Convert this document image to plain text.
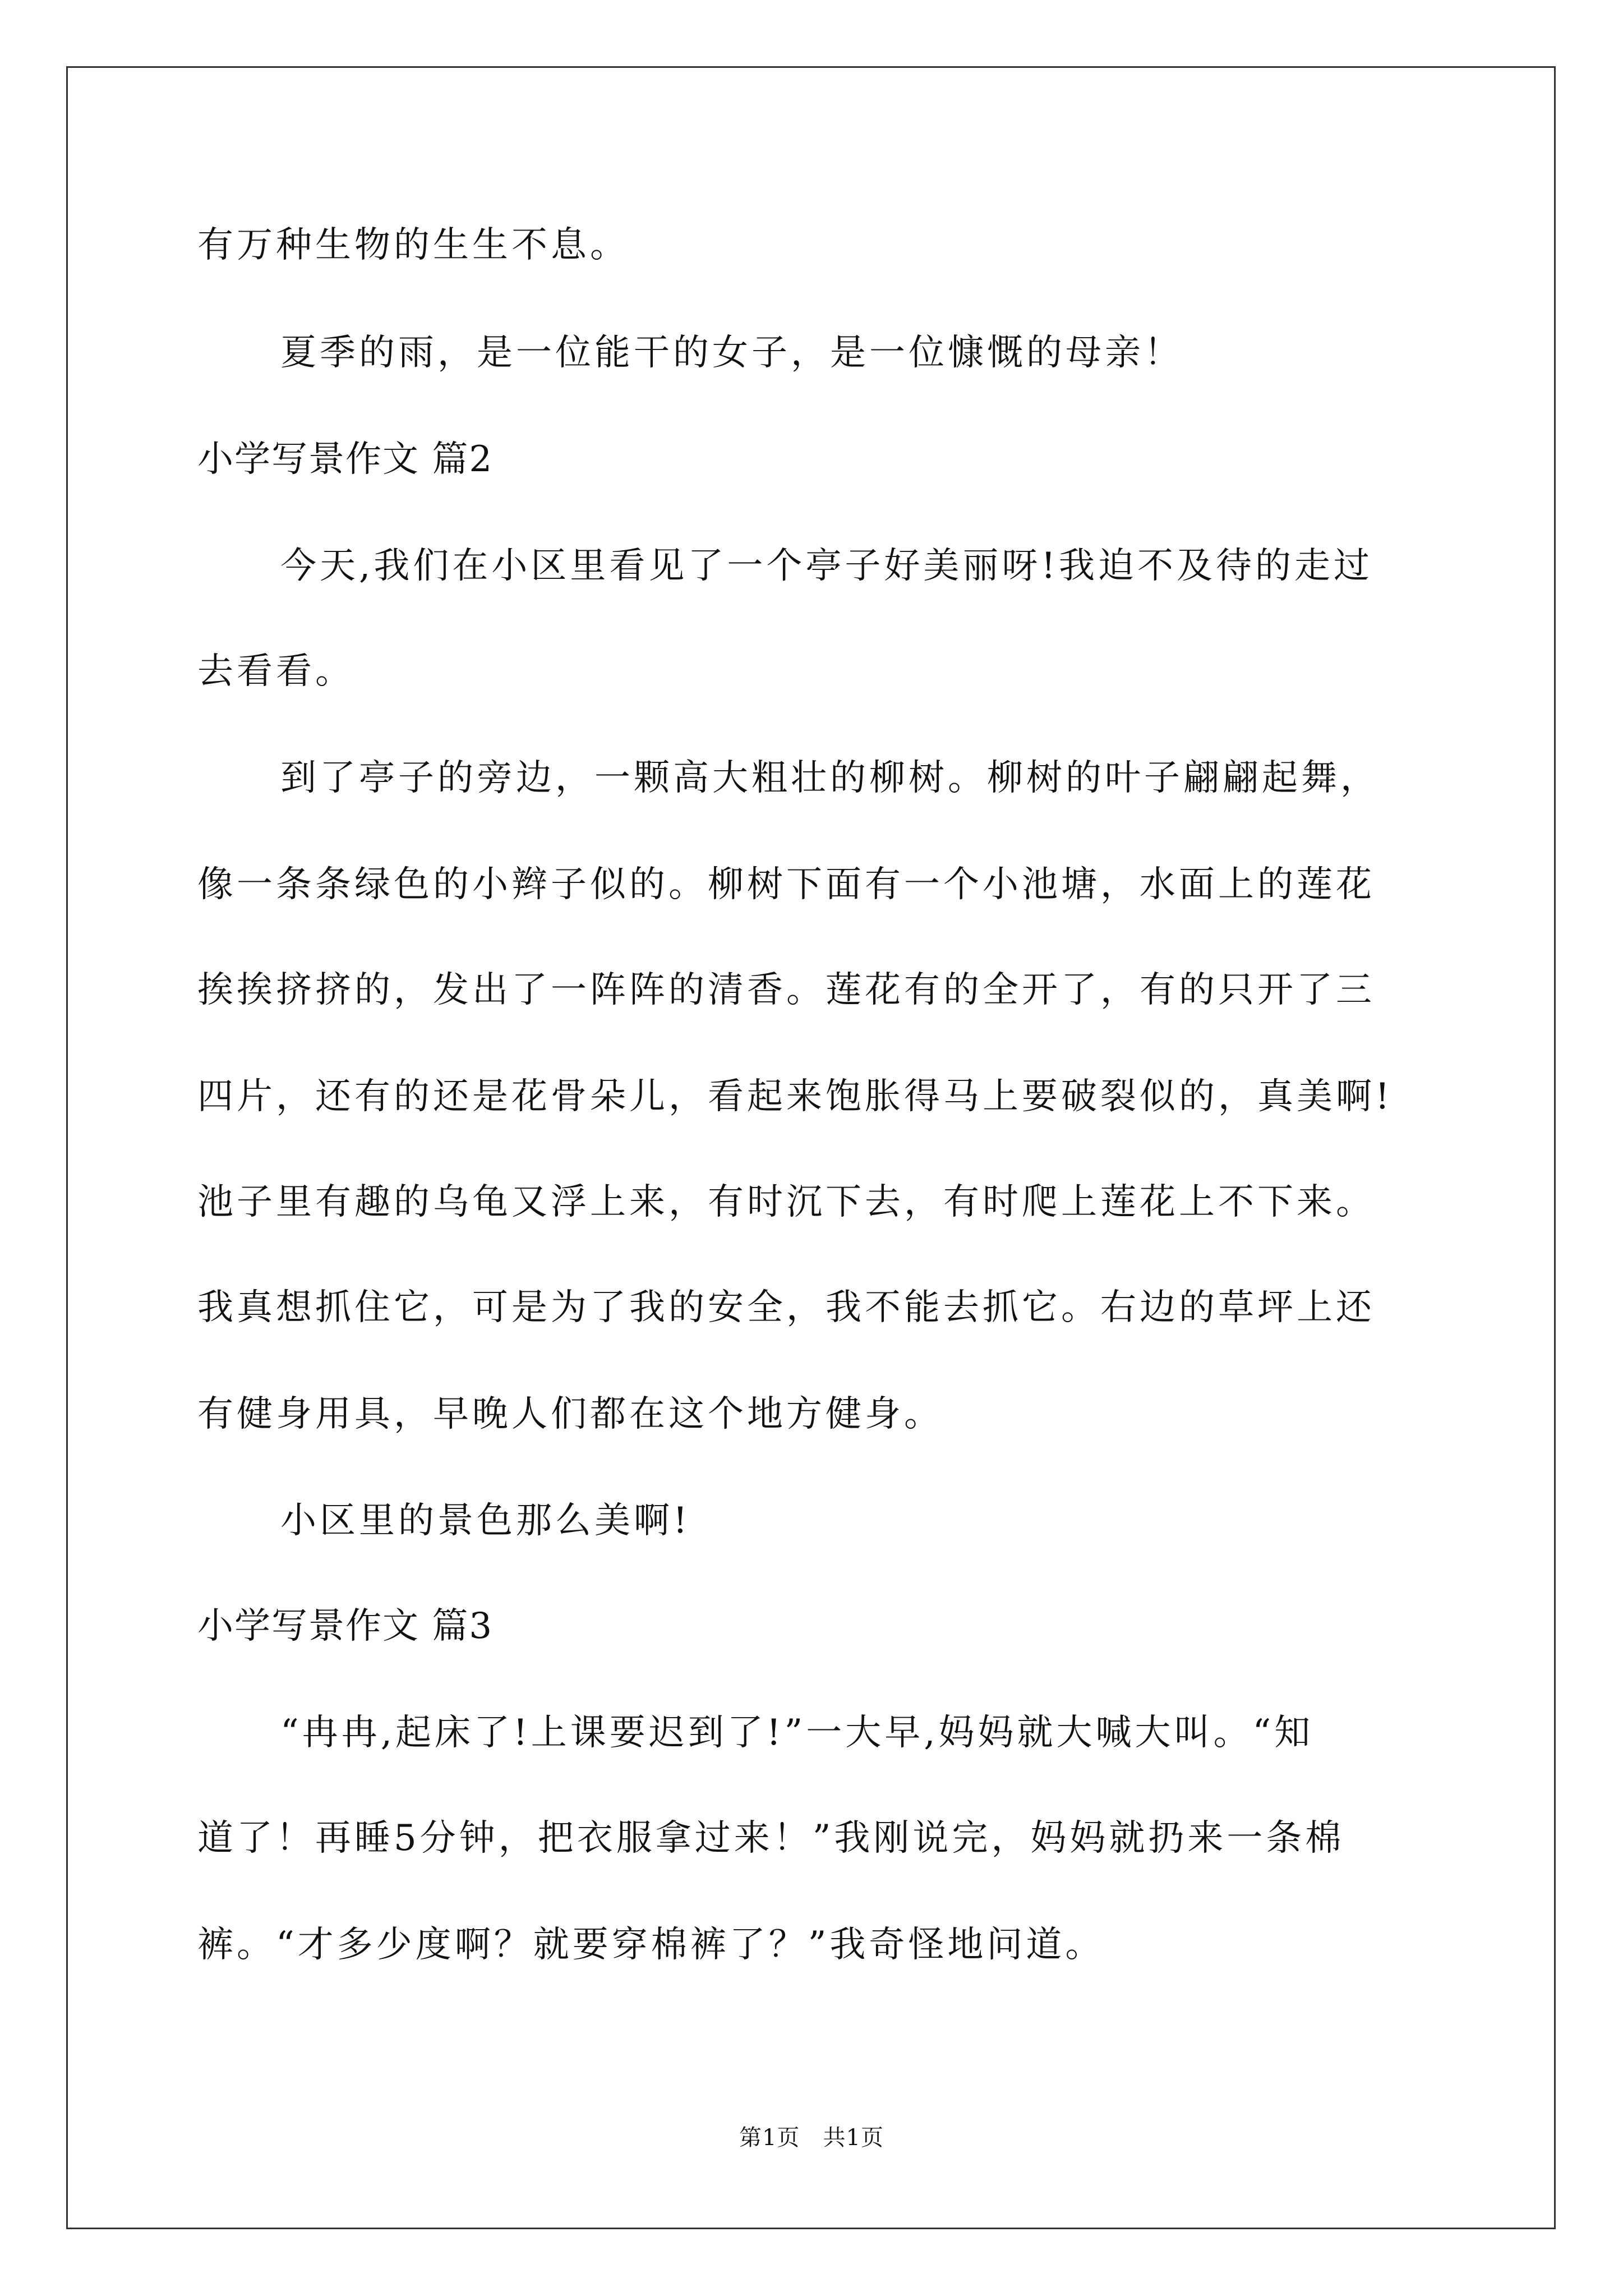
有万种生物的生生不息。

夏季的雨，是一位能干的女子，是一位慷慨的母亲！

小学写景作文 篇2

今天,我们在小区里看见了一个亭子好美丽呀!我迫不及待的走过

去看看。

到了亭子的旁边，一颗高大粗壮的柳树。柳树的叶子翩翩起舞，

像一条条绿色的小辫子似的。柳树下面有一个小池塘，水面上的莲花

挨挨挤挤的，发出了一阵阵的清香。莲花有的全开了，有的只开了三

四片，还有的还是花骨朵儿，看起来饱胀得马上要破裂似的，真美啊!

池子里有趣的乌龟又浮上来，有时沉下去，有时爬上莲花上不下来。

我真想抓住它，可是为了我的安全，我不能去抓它。右边的草坪上还

有健身用具，早晚人们都在这个地方健身。

小区里的景色那么美啊!

小学写景作文 篇3

“冉冉,起床了!上课要迟到了!”一大早,妈妈就大喊大叫。“知

道了！再睡5分钟，把衣服拿过来！”我刚说完，妈妈就扔来一条棉

裤。“才多少度啊？就要穿棉裤了？”我奇怪地问道。

第1页   共1页
